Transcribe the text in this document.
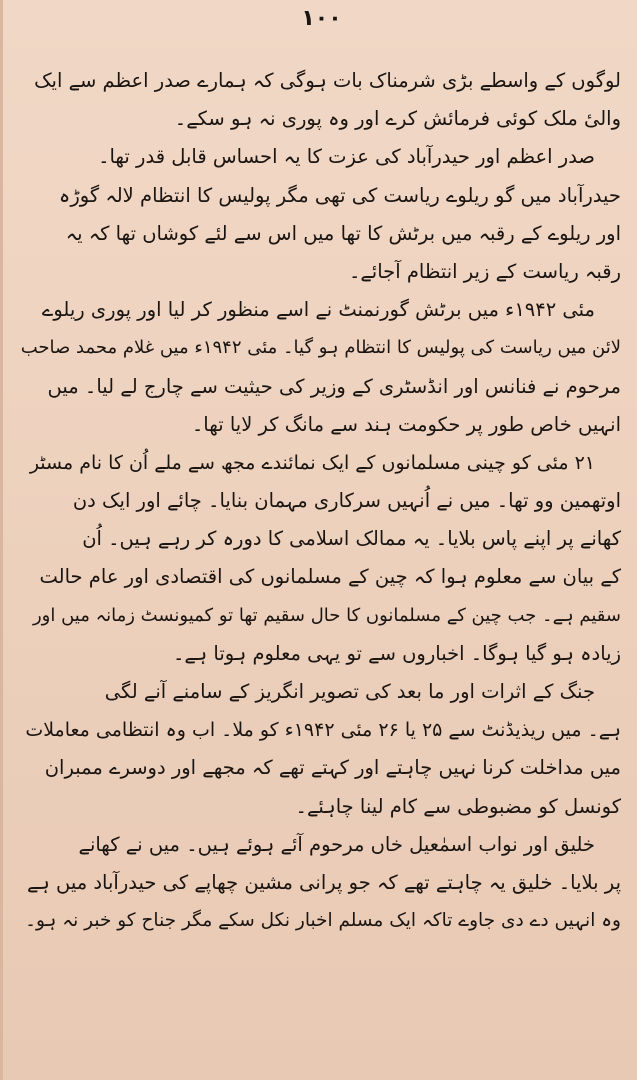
۱۰۰
لوگوں کے واسطے بڑی شرمناک بات ہوگی کہ ہمارے صدر اعظم سے ایک
والیٔ ملک کوئی فرمائش کرے اور وہ پوری نہ ہو سکے۔
صدر اعظم اور حیدرآباد کی عزت کا یہ احساس قابل قدر تھا۔
حیدرآباد میں گو ریلوے ریاست کی تھی مگر پولیس کا انتظام لالہ گوڑہ
اور ریلوے کے رقبہ میں برٹش کا تھا میں اس سے لئے کوشاں تھا کہ یہ
رقبہ ریاست کے زیر انتظام آجائے۔
مئی ۱۹۴۲ء میں برٹش گورنمنٹ نے اسے منظور کر لیا اور پوری ریلوے
لائن میں ریاست کی پولیس کا انتظام ہو گیا۔ مئی ۱۹۴۲ء میں غلام محمد صاحب
مرحوم نے فنانس اور انڈسٹری کے وزیر کی حیثیت سے چارج لے لیا۔ میں
انہیں خاص طور پر حکومت ہند سے مانگ کر لایا تھا۔
۲۱ مئی کو چینی مسلمانوں کے ایک نمائندے مجھ سے ملے اُن کا نام مسٹر
اوتھمین وو تھا۔ میں نے اُنہیں سرکاری مہمان بنایا۔ چائے اور ایک دن
کھانے پر اپنے پاس بلایا۔ یہ ممالک اسلامی کا دورہ کر رہے ہیں۔ اُن
کے بیان سے معلوم ہوا کہ چین کے مسلمانوں کی اقتصادی اور عام حالت
سقیم ہے۔ جب چین کے مسلمانوں کا حال سقیم تھا تو کمیونسٹ زمانہ میں اور
زیادہ ہو گیا ہوگا۔ اخباروں سے تو یہی معلوم ہوتا ہے۔
جنگ کے اثرات اور ما بعد کی تصویر انگریز کے سامنے آنے لگی
ہے۔ میں ریذیڈنٹ سے ۲۵ یا ۲۶ مئی ۱۹۴۲ء کو ملا۔ اب وہ انتظامی معاملات
میں مداخلت کرنا نہیں چاہتے اور کہتے تھے کہ مجھے اور دوسرے ممبران
کونسل کو مضبوطی سے کام لینا چاہئے۔
خلیق اور نواب اسمٰعیل خاں مرحوم آئے ہوئے ہیں۔ میں نے کھانے
پر بلایا۔ خلیق یہ چاہتے تھے کہ جو پرانی مشین چھاپے کی حیدرآباد میں ہے
وہ انہیں دے دی جاوے تاکہ ایک مسلم اخبار نکل سکے مگر جناح کو خبر نہ ہو۔
